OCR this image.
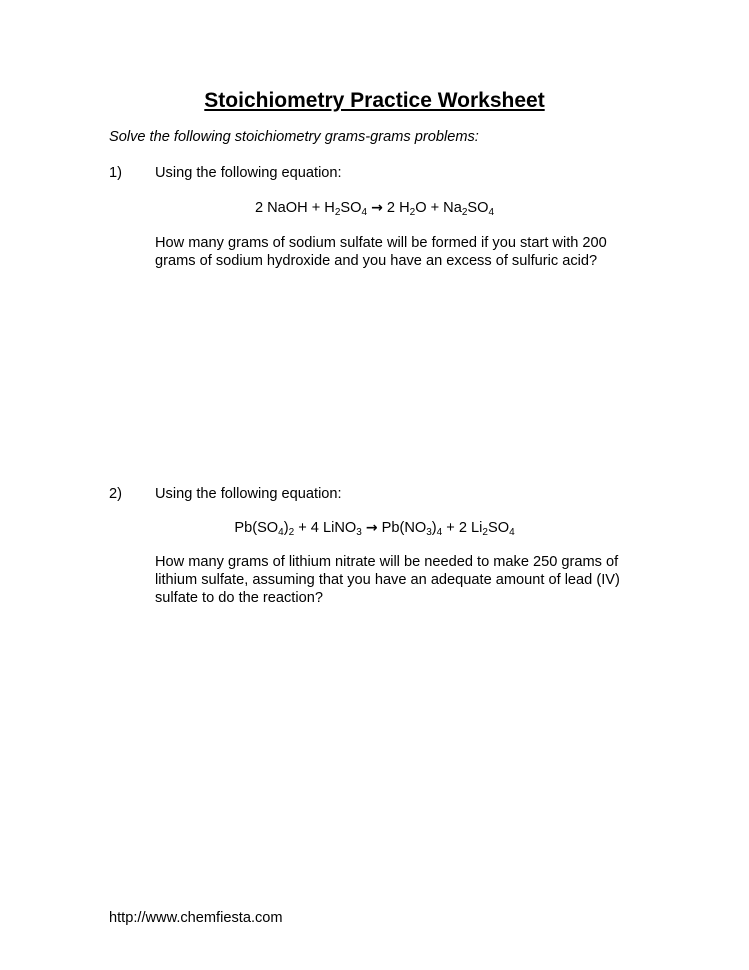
Stoichiometry Practice Worksheet
Solve the following stoichiometry grams-grams problems:
1) Using the following equation:
2 NaOH + $H_2SO_4 \to 2$ $H_2O + Na_2SO_4$
How many grams of sodium sulfate will be formed if you start with 200 grams of sodium hydroxide and you have an excess of sulfuric acid?
2) Using the following equation:
$Pb(SO_4)_2 + 4$ LiNO$_3$ → $Pb(NO_3)_4 + 2$ $Li_2SO_4$
How many grams of lithium nitrate will be needed to make 250 grams of lithium sulfate, assuming that you have an adequate amount of lead (IV) sulfate to do the reaction?
http://www.chemfiesta.com
